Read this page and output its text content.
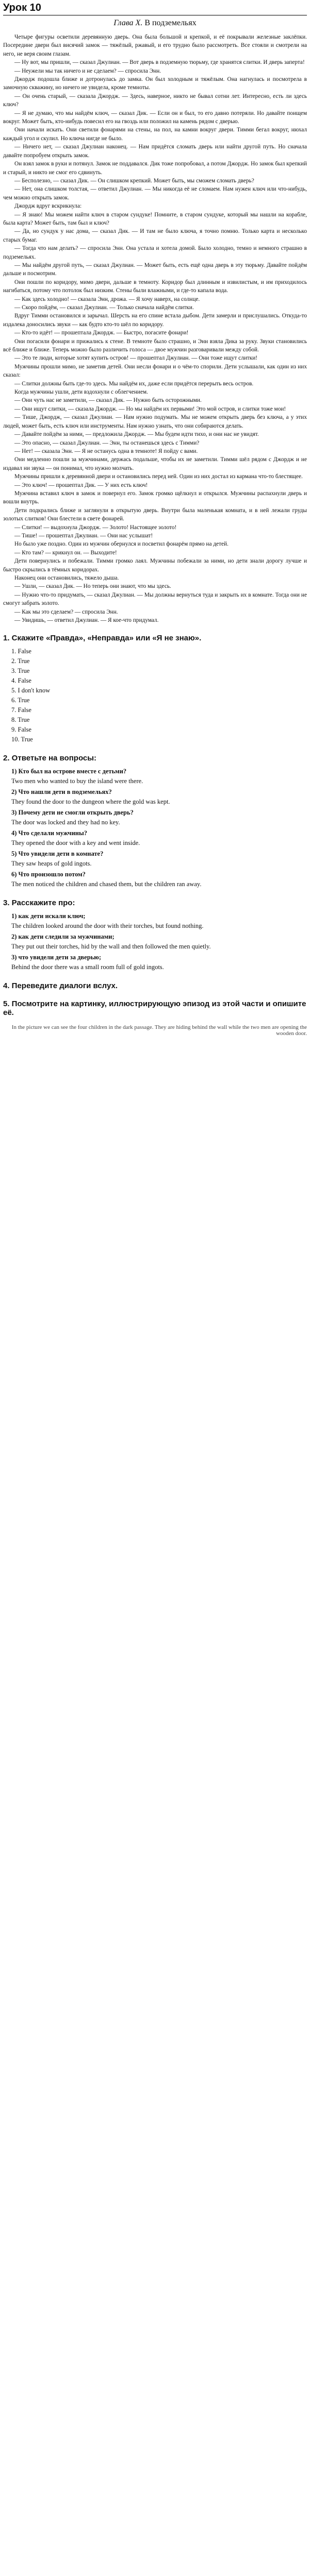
Урок 10
Глава X. В подземельях

Четыре фигуры осветили деревянную дверь. Она была большой и крепкой, и её покрывали железные заклёпки. Посередине двери был висячий замок — тяжёлый, ржавый, и его трудно было рассмотреть. Все стояли и смотрели на него, не веря своим глазам.

— Ну вот, мы пришли, — сказал Джулиан. — Вот дверь в подземную тюрьму, где хранятся слитки. И дверь заперта!

— Неужели мы так ничего и не сделаем? — спросила Энн.

Джордж подошла ближе и дотронулась до замка. Он был холодным и тяжёлым. Она нагнулась и посмотрела в замочную скважину, но ничего не увидела, кроме темноты.

— Он очень старый, — сказала Джордж. — Здесь, наверное, никто не бывал сотни лет. Интересно, есть ли здесь ключ?

— Я не думаю, что мы найдём ключ, — сказал Дик. — Если он и был, то его давно потеряли. Но давайте поищем вокруг. Может быть, кто-нибудь повесил его на гвоздь или положил на камень рядом с дверью.

Они начали искать. Они светили фонарями на стены, на пол, на камни вокруг двери. Тимми бегал вокруг, нюхал каждый угол и скулил. Но ключа нигде не было.

— Ничего нет, — сказал Джулиан наконец. — Нам придётся сломать дверь или найти другой путь. Но сначала давайте попробуем открыть замок.

Он взял замок в руки и потянул. Замок не поддавался. Дик тоже попробовал, а потом Джордж. Но замок был крепкий и старый, и никто не смог его сдвинуть.

— Бесполезно, — сказал Дик. — Он слишком крепкий. Может быть, мы сможем сломать дверь?

— Нет, она слишком толстая, — ответил Джулиан. — Мы никогда её не сломаем. Нам нужен ключ или что-нибудь, чем можно открыть замок.

Джордж вдруг вскрикнула:

— Я знаю! Мы можем найти ключ в старом сундуке! Помните, в старом сундуке, который мы нашли на корабле, была карта? Может быть, там был и ключ?

— Да, но сундук у нас дома, — сказал Дик. — И там не было ключа, я точно помню. Только карта и несколько старых бумаг.

— Тогда что нам делать? — спросила Энн. Она устала и хотела домой. Было холодно, темно и немного страшно в подземельях.

— Мы найдём другой путь, — сказал Джулиан. — Может быть, есть ещё одна дверь в эту тюрьму. Давайте пойдём дальше и посмотрим.

Они пошли по коридору, мимо двери, дальше в темноту. Коридор был длинным и извилистым, и им приходилось нагибаться, потому что потолок был низким. Стены были влажными, и где-то капала вода.

— Как здесь холодно! — сказала Энн, дрожа. — Я хочу наверх, на солнце.

— Скоро пойдём, — сказал Джулиан. — Только сначала найдём слитки.

Вдруг Тимми остановился и зарычал. Шерсть на его спине встала дыбом. Дети замерли и прислушались. Откуда-то издалека доносились звуки — как будто кто-то шёл по коридору.

— Кто-то идёт! — прошептала Джордж. — Быстро, погасите фонари!

Они погасили фонари и прижались к стене. В темноте было страшно, и Энн взяла Дика за руку. Звуки становились всё ближе и ближе. Теперь можно было различить голоса — двое мужчин разговаривали между собой.

— Это те люди, которые хотят купить остров! — прошептал Джулиан. — Они тоже ищут слитки!

Мужчины прошли мимо, не заметив детей. Они несли фонари и о чём-то спорили. Дети услышали, как один из них сказал:

— Слитки должны быть где-то здесь. Мы найдём их, даже если придётся перерыть весь остров.

Когда мужчины ушли, дети вздохнули с облегчением.

— Они чуть нас не заметили, — сказал Дик. — Нужно быть осторожными.

— Они ищут слитки, — сказала Джордж. — Но мы найдём их первыми! Это мой остров, и слитки тоже мои!

— Тише, Джордж, — сказал Джулиан. — Нам нужно подумать. Мы не можем открыть дверь без ключа, а у этих людей, может быть, есть ключ или инструменты. Нам нужно узнать, что они собираются делать.

— Давайте пойдём за ними, — предложила Джордж. — Мы будем идти тихо, и они нас не увидят.

— Это опасно, — сказал Джулиан. — Энн, ты останешься здесь с Тимми?

— Нет! — сказала Энн. — Я не останусь одна в темноте! Я пойду с вами.

Они медленно пошли за мужчинами, держась подальше, чтобы их не заметили. Тимми шёл рядом с Джордж и не издавал ни звука — он понимал, что нужно молчать.

Мужчины пришли к деревянной двери и остановились перед ней. Один из них достал из кармана что-то блестящее.

— Это ключ! — прошептал Дик. — У них есть ключ!

Мужчина вставил ключ в замок и повернул его. Замок громко щёлкнул и открылся. Мужчины распахнули дверь и вошли внутрь.

Дети подкрались ближе и заглянули в открытую дверь. Внутри была маленькая комната, и в ней лежали груды золотых слитков! Они блестели в свете фонарей.

— Слитки! — выдохнула Джордж. — Золото! Настоящее золото!

— Тише! — прошептал Джулиан. — Они нас услышат!

Но было уже поздно. Один из мужчин обернулся и посветил фонарём прямо на детей.

— Кто там? — крикнул он. — Выходите!

Дети повернулись и побежали. Тимми громко лаял. Мужчины побежали за ними, но дети знали дорогу лучше и быстро скрылись в тёмных коридорах.

Наконец они остановились, тяжело дыша.

— Ушли, — сказал Дик. — Но теперь они знают, что мы здесь.

— Нужно что-то придумать, — сказал Джулиан. — Мы должны вернуться туда и закрыть их в комнате. Тогда они не смогут забрать золото.

— Как мы это сделаем? — спросила Энн.

— Увидишь, — ответил Джулиан. — Я кое-что придумал.

1. Скажите «Правда», «Неправда» или «Я не знаю».
1. False
2. True
3. True
4. False
5. I don't know
6. True
7. False
8. True
9. False
10. True
2. Ответьте на вопросы:
1) Кто был на острове вместе с детьми?
Two men who wanted to buy the island were there.
2) Что нашли дети в подземельях?
They found the door to the dungeon where the gold was kept.
3) Почему дети не смогли открыть дверь?
The door was locked and they had no key.
4) Что сделали мужчины?
They opened the door with a key and went inside.
5) Что увидели дети в комнате?
They saw heaps of gold ingots.
6) Что произошло потом?
The men noticed the children and chased them, but the children ran away.
3. Расскажите про:
1) как дети искали ключ;
The children looked around the door with their torches, but found nothing.
2) как дети следили за мужчинами;
They put out their torches, hid by the wall and then followed the men quietly.
3) что увидели дети за дверью;
Behind the door there was a small room full of gold ingots.
4. Переведите диалоги вслух.
5. Посмотрите на картинку, иллюстрирующую эпизод из этой части и опишите её.
In the picture we can see the four children in the dark passage. They are hiding behind the wall while the two men are opening the wooden door.
